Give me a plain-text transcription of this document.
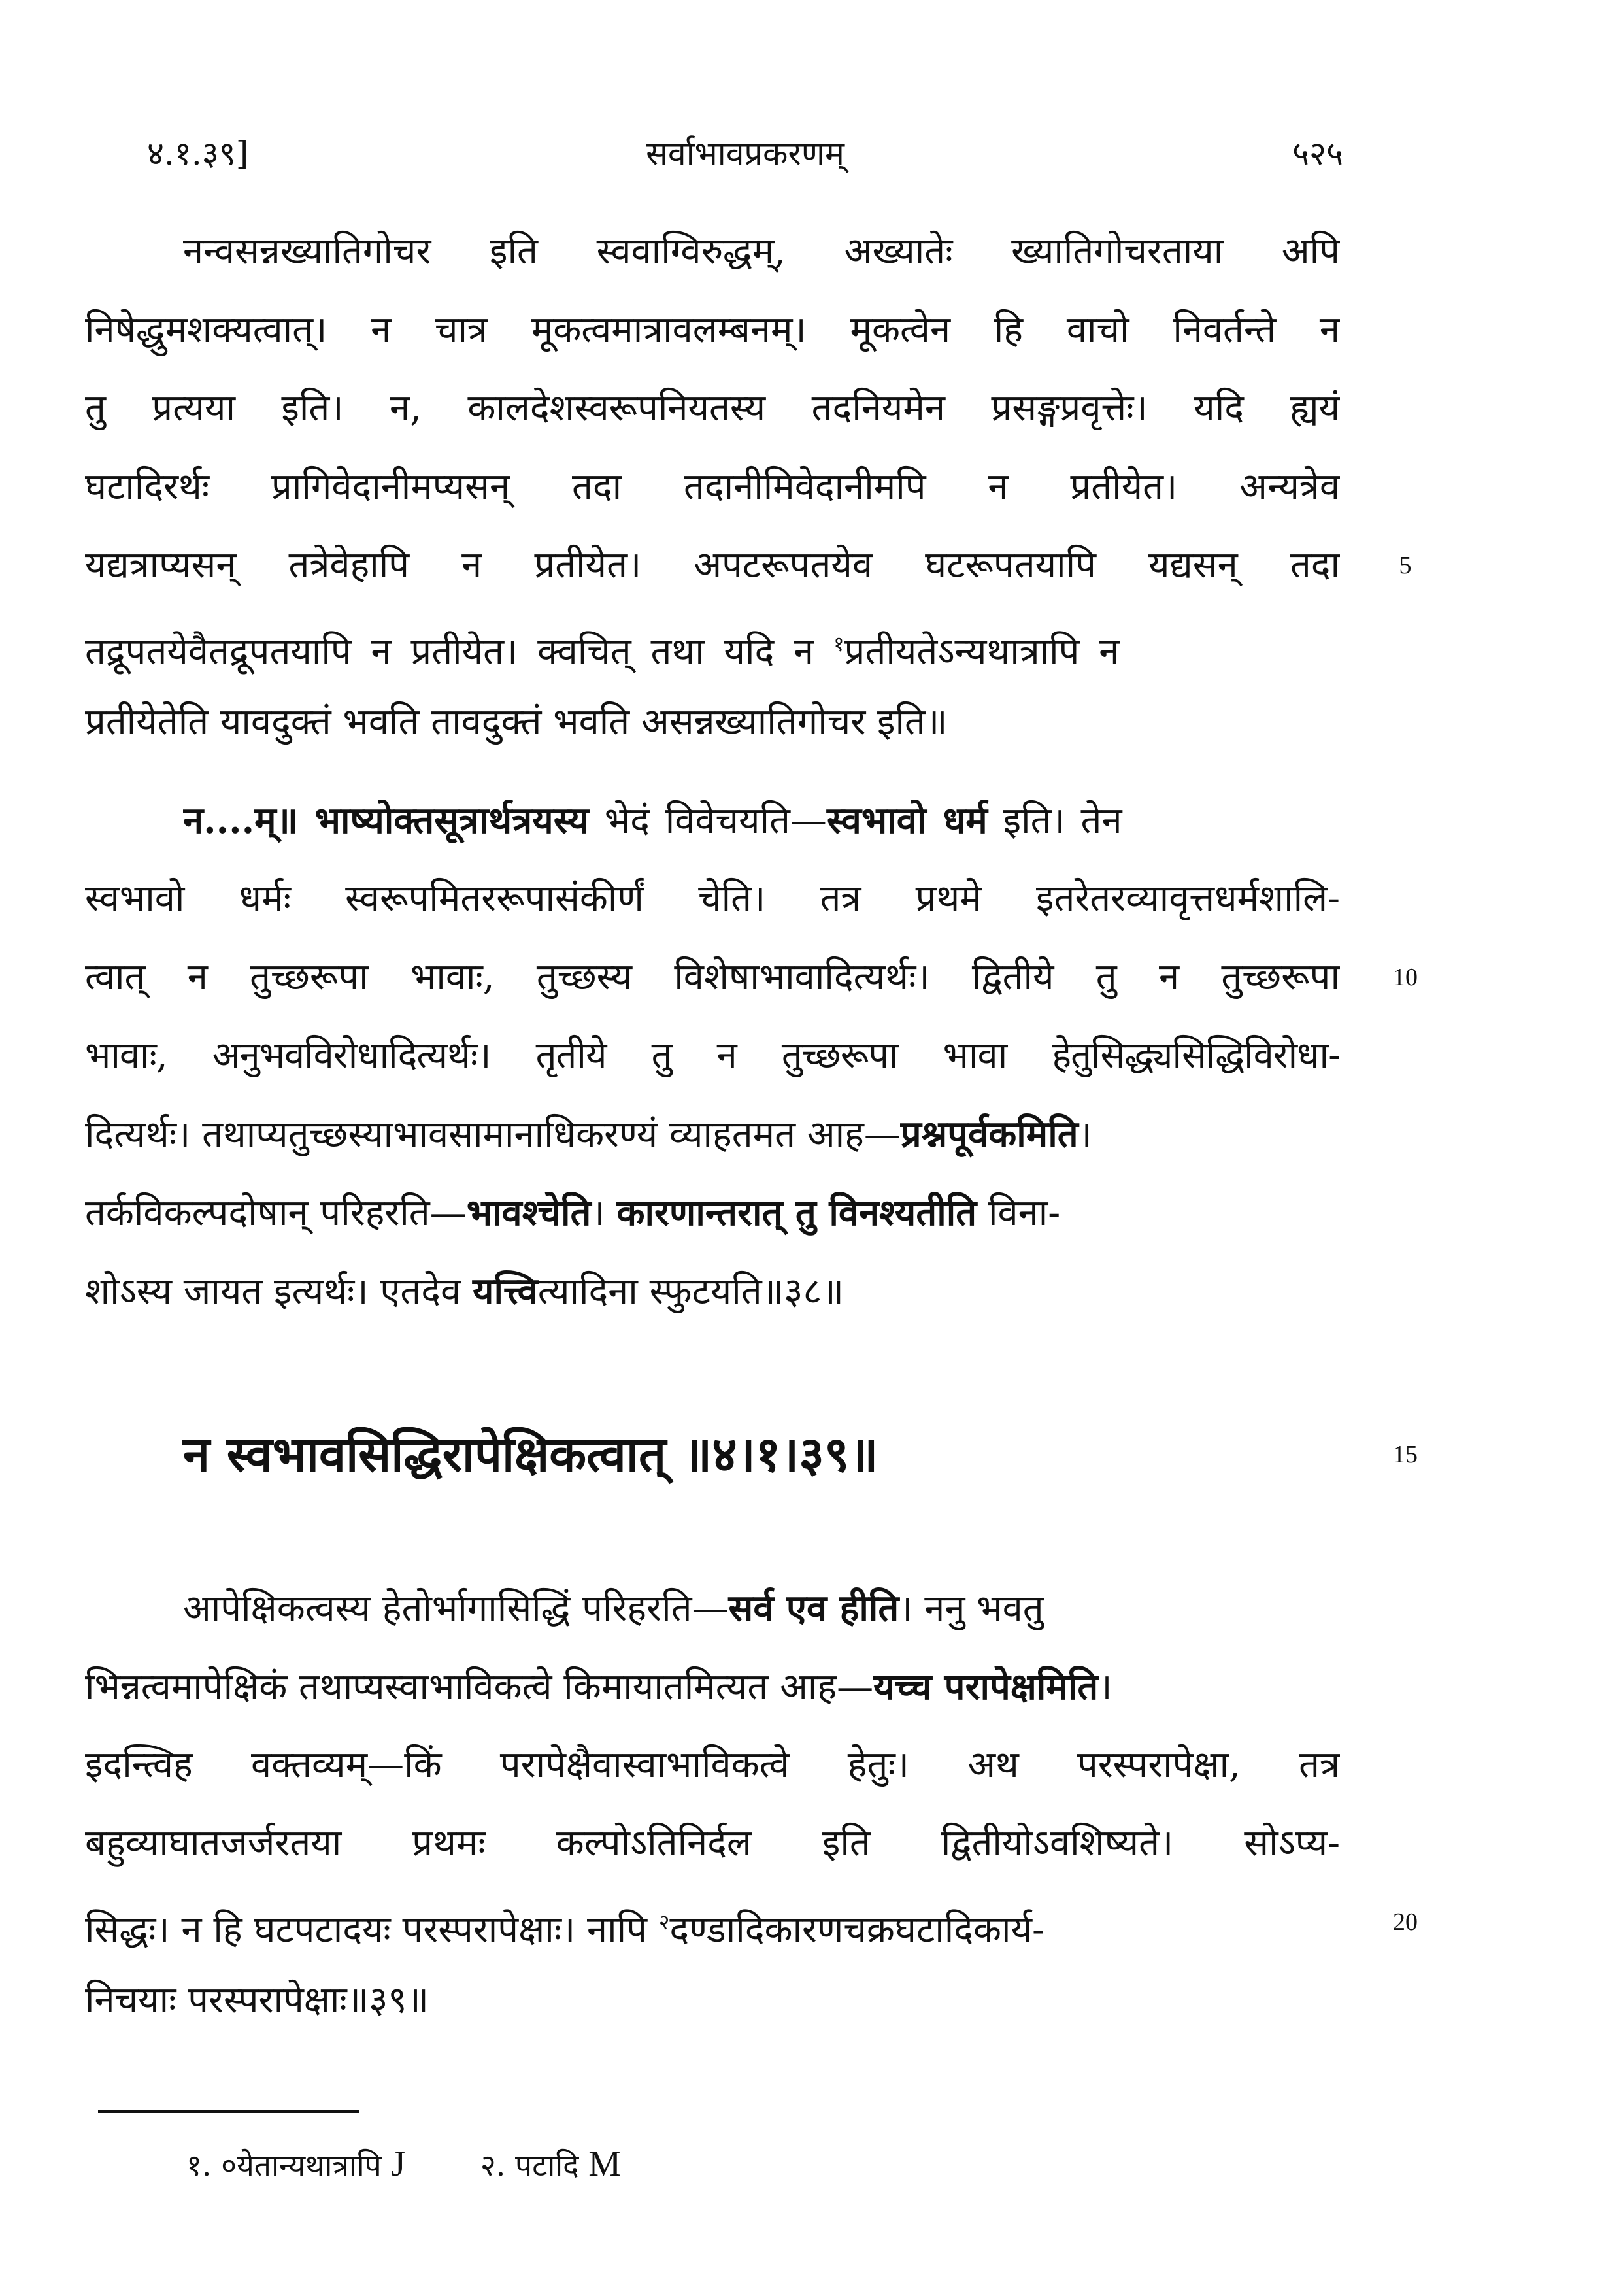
४.१.३९]	सर्वाभावप्रकरणम्	५२५
नन्वसन्नख्यातिगोचर इति स्ववाग्विरुद्धम्, अख्यातेः ख्यातिगोचरताया अपि
निषेद्धुमशक्यत्वात्। न चात्र मूकत्वमात्रावलम्बनम्। मूकत्वेन हि वाचो निवर्तन्ते न
तु प्रत्यया इति। न, कालदेशस्वरूपनियतस्य तदनियमेन प्रसङ्गप्रवृत्तेः। यदि ह्ययं
घटादिरर्थः प्रागिवेदानीमप्यसन् तदा तदानीमिवेदानीमपि न प्रतीयेत। अन्यत्रेव
यद्यत्राप्यसन् तत्रेवेहापि न प्रतीयेत। अपटरूपतयेव घटरूपतयापि यद्यसन् तदा	5
तद्रूपतयेवैतद्रूपतयापि न प्रतीयेत। क्वचित् तथा यदि न $^१$प्रतीयतेऽन्यथात्रापि न
प्रतीयेतेति यावदुक्तं भवति तावदुक्तं भवति असन्नख्यातिगोचर इति॥
न....म्॥ भाष्योक्तसूत्रार्थत्रयस्य भेदं विवेचयति—स्वभावो धर्म इति। तेन
स्वभावो धर्मः स्वरूपमितररूपासंकीर्णं चेति। तत्र प्रथमे इतरेतरव्यावृत्तधर्मशालि-
त्वात् न तुच्छरूपा भावाः, तुच्छस्य विशेषाभावादित्यर्थः। द्वितीये तु न तुच्छरूपा	10
भावाः, अनुभवविरोधादित्यर्थः। तृतीये तु न तुच्छरूपा भावा हेतुसिद्ध्यसिद्धिविरोधा-
दित्यर्थः। तथाप्यतुच्छस्याभावसामानाधिकरण्यं व्याहतमत आह—प्रश्नपूर्वकमिति।
तर्कविकल्पदोषान् परिहरति—भावश्चेति। कारणान्तरात् तु विनश्यतीति विना-
शोऽस्य जायत इत्यर्थः। एतदेव यत्त्वित्यादिना स्फुटयति॥३८॥
न स्वभावसिद्धिरापेक्षिकत्वात् ॥४।१।३९॥	15
आपेक्षिकत्वस्य हेतोर्भागासिद्धिं परिहरति—सर्व एव हीति। ननु भवतु
भिन्नत्वमापेक्षिकं तथाप्यस्वाभाविकत्वे किमायातमित्यत आह—यच्च परापेक्षमिति।
इदन्त्विह वक्तव्यम्—किं परापेक्षैवास्वाभाविकत्वे हेतुः। अथ परस्परापेक्षा, तत्र
बहुव्याघातजर्जरतया प्रथमः कल्पोऽतिनिर्दल इति द्वितीयोऽवशिष्यते। सोऽप्य-
सिद्धः। न हि घटपटादयः परस्परापेक्षाः। नापि $^२$दण्डादिकारणचक्रघटादिकार्य-	20
निचयाः परस्परापेक्षाः॥३९॥
१. ०येतान्यथात्रापि J २. पटादि M
